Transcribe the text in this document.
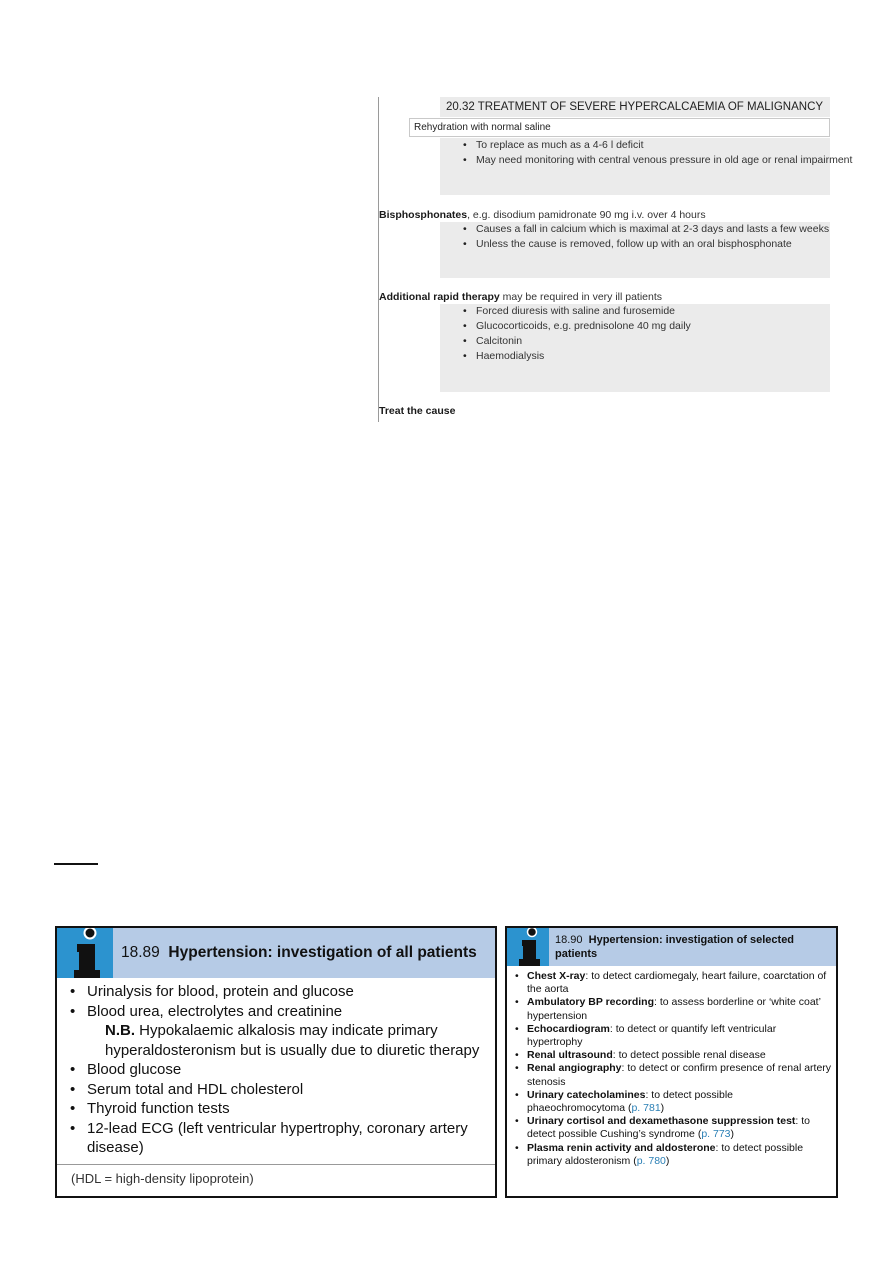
20.32 TREATMENT OF SEVERE HYPERCALCAEMIA OF MALIGNANCY
Rehydration with normal saline
• To replace as much as a 4-6 l deficit
• May need monitoring with central venous pressure in old age or renal impairment
Bisphosphonates, e.g. disodium pamidronate 90 mg i.v. over 4 hours
• Causes a fall in calcium which is maximal at 2-3 days and lasts a few weeks
• Unless the cause is removed, follow up with an oral bisphosphonate
Additional rapid therapy may be required in very ill patients
• Forced diuresis with saline and furosemide
• Glucocorticoids, e.g. prednisolone 40 mg daily
• Calcitonin
• Haemodialysis
Treat the cause
18.89 Hypertension: investigation of all patients
• Urinalysis for blood, protein and glucose
• Blood urea, electrolytes and creatinine
N.B. Hypokalaemic alkalosis may indicate primary
hyperaldosteronism but is usually due to diuretic therapy
• Blood glucose
• Serum total and HDL cholesterol
• Thyroid function tests
• 12-lead ECG (left ventricular hypertrophy, coronary artery disease)
(HDL = high-density lipoprotein)
18.90 Hypertension: investigation of selected patients
• Chest X-ray: to detect cardiomegaly, heart failure, coarctation of the aorta
• Ambulatory BP recording: to assess borderline or ‘white coat’ hypertension
• Echocardiogram: to detect or quantify left ventricular hypertrophy
• Renal ultrasound: to detect possible renal disease
• Renal angiography: to detect or confirm presence of renal artery stenosis
• Urinary catecholamines: to detect possible phaeochromocytoma (p. 781)
• Urinary cortisol and dexamethasone suppression test: to detect possible Cushing’s syndrome (p. 773)
• Plasma renin activity and aldosterone: to detect possible primary aldosteronism (p. 780)
